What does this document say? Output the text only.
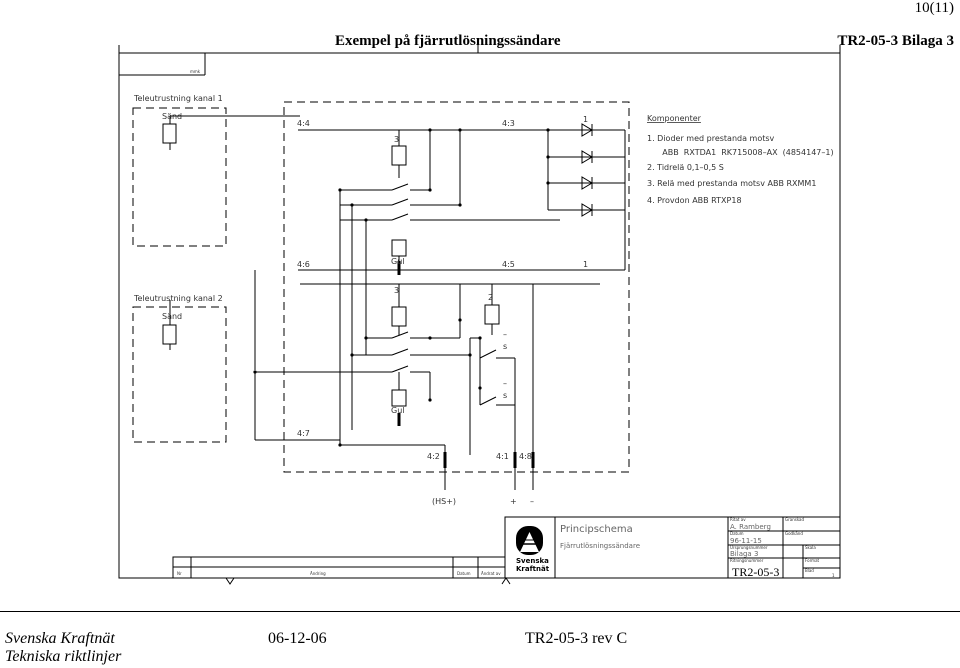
10(11)
Exempel på fjärrutlösningssändare	TR2-05-3 Bilaga 3
mmk
Teleutrustning kanal 1
Sänd
Teleutrustning kanal 2
Sänd
4:4	4:3
4:6	4:5
4:7
4:2	4:1 4:8
3
3
2
1
1
Gul
Gul
–
s
–
s
(HS+)	+ –
Komponenter
1. Dioder med prestanda motsv
ABB  RXTDA1  RK715008–AX  (4854147–1)
2. Tidrelä 0,1–0,5 S
3. Relä med prestanda motsv ABB RXMM1
4. Provdon ABB RTXP18
Principschema
Fjärrutlösningssändare
Svenska
Kraftnät
Ritat av
A. Ramberg
Granskad
Datum
96-11-15
Godkänd
Ursprungsnummer
Bilaga 3
Skala
Ritningsnummer
TR2-05-3
Format
Blad
1
Nr	Ändring	Datum	Ändrat av
Svenska Kraftnät
Tekniska riktlinjer
06-12-06	TR2-05-3 rev C
